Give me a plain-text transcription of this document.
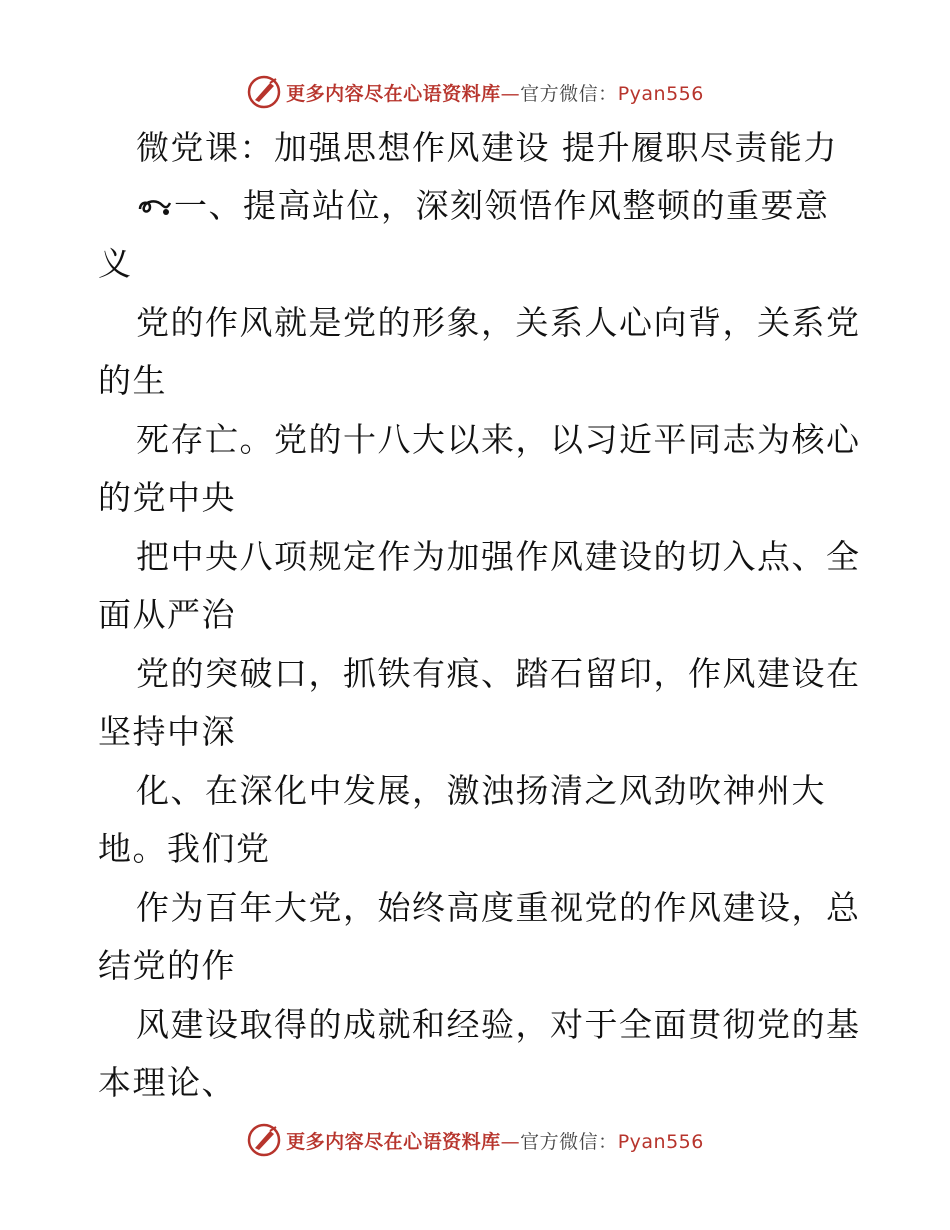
更多内容尽在心语资料库—官方微信：Pyan556
微党课：加强思想作风建设 提升履职尽责能力
一、提高站位，深刻领悟作风整顿的重要意
义
党的作风就是党的形象，关系人心向背，关系党
的生
死存亡。党的十八大以来，以习近平同志为核心
的党中央
把中央八项规定作为加强作风建设的切入点、全
面从严治
党的突破口，抓铁有痕、踏石留印，作风建设在
坚持中深
化、在深化中发展，激浊扬清之风劲吹神州大
地。我们党
作为百年大党，始终高度重视党的作风建设，总
结党的作
风建设取得的成就和经验，对于全面贯彻党的基
本理论、
更多内容尽在心语资料库—官方微信：Pyan556
